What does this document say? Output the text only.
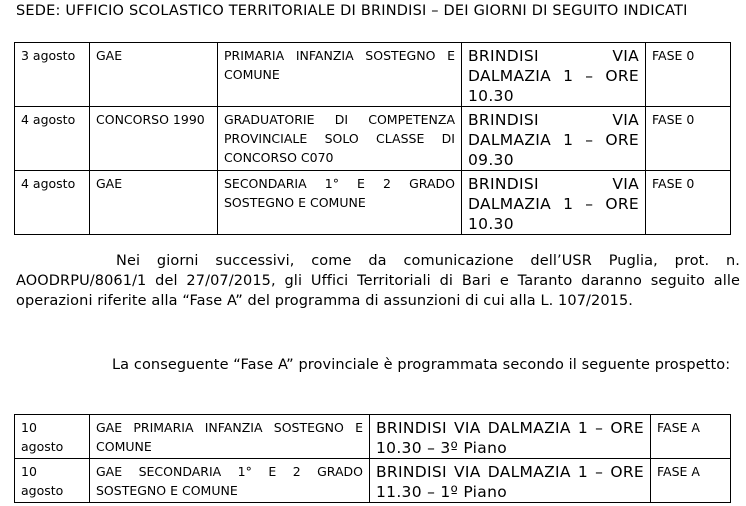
SEDE: UFFICIO SCOLASTICO TERRITORIALE DI BRINDISI – DEI GIORNI DI SEGUITO INDICATI
3 agosto	GAE	PRIMARIA INFANZIA SOSTEGNO E COMUNE	BRINDISI VIA DALMAZIA 1 – ORE 10.30	FASE 0
4 agosto	CONCORSO 1990	GRADUATORIE DI COMPETENZA PROVINCIALE SOLO CLASSE DI CONCORSO C070	BRINDISI VIA DALMAZIA 1 – ORE 09.30	FASE 0
4 agosto	GAE	SECONDARIA 1° E 2 GRADO SOSTEGNO E COMUNE	BRINDISI VIA DALMAZIA 1 – ORE 10.30	FASE 0

Nei giorni successivi, come da comunicazione dell’USR Puglia, prot. n. AOODRPU/8061/1 del 27/07/2015, gli Uffici Territoriali di Bari e Taranto daranno seguito alle operazioni riferite alla “Fase A” del programma di assunzioni di cui alla L. 107/2015.

La conseguente “Fase A” provinciale è programmata secondo il seguente prospetto:

10 agosto	GAE PRIMARIA INFANZIA SOSTEGNO E COMUNE	BRINDISI VIA DALMAZIA 1 – ORE 10.30 – 3º Piano	FASE A
10 agosto	GAE SECONDARIA 1° E 2 GRADO SOSTEGNO E COMUNE	BRINDISI VIA DALMAZIA 1 – ORE 11.30 – 1º Piano	FASE A
